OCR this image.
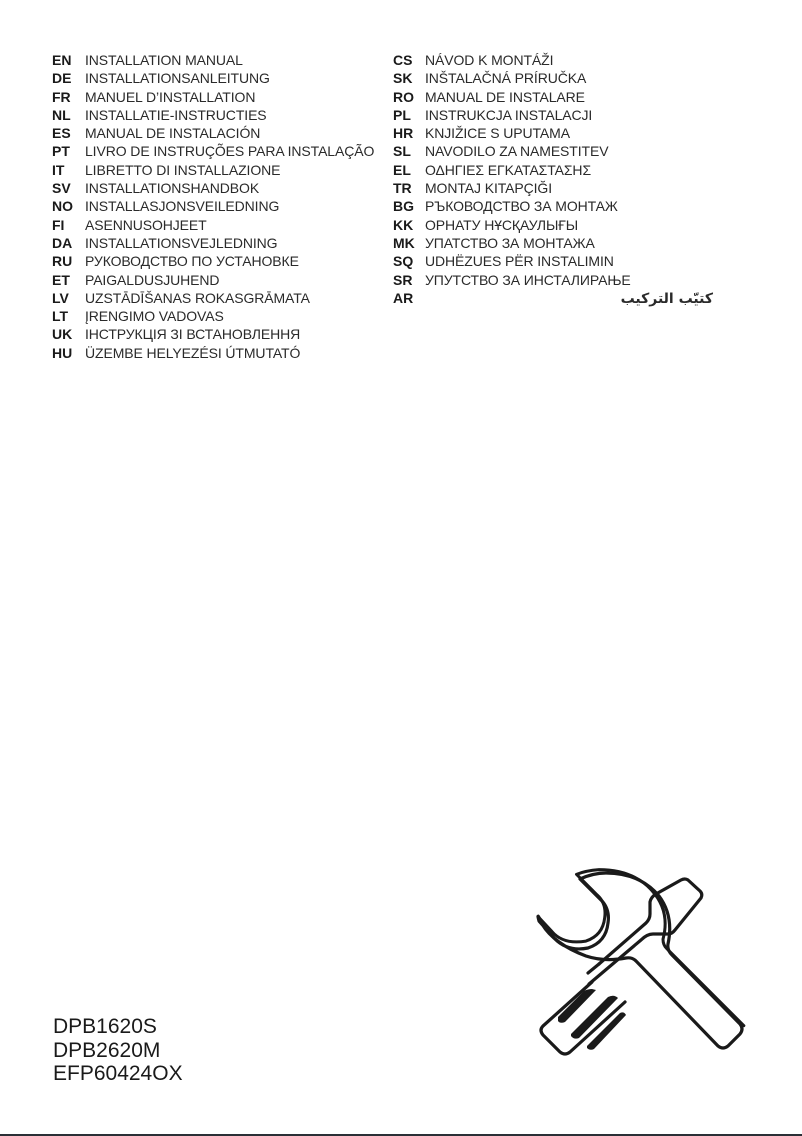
EN INSTALLATION MANUAL
DE INSTALLATIONSANLEITUNG
FR MANUEL D’INSTALLATION
NL INSTALLATIE-INSTRUCTIES
ES MANUAL DE INSTALACIÓN
PT LIVRO DE INSTRUÇÕES PARA INSTALAÇÃO
IT LIBRETTO DI INSTALLAZIONE
SV INSTALLATIONSHANDBOK
NO INSTALLASJONSVEILEDNING
FI ASENNUSOHJEET
DA INSTALLATIONSVEJLEDNING
RU РУКОВОДСТВО ПО УСТАНОВКЕ
ET PAIGALDUSJUHEND
LV UZSTĀDĪŠANAS ROKASGRĀMATA
LT ĮRENGIMO VADOVAS
UK ІНСТРУКЦІЯ ЗІ ВСТАНОВЛЕННЯ
HU ÜZEMBE HELYEZÉSI ÚTMUTATÓ
CS NÁVOD K MONTÁŽI
SK INŠTALAČNÁ PRÍRUČKA
RO MANUAL DE INSTALARE
PL INSTRUKCJA INSTALACJI
HR KNJIŽICE S UPUTAMA
SL NAVODILO ZA NAMESTITEV
EL ΟΔΗΓΙΕΣ ΕΓΚΑΤΑΣΤΑΣΗΣ
TR MONTAJ KITAPÇIĞI
BG РЪКОВОДСТВО ЗА МОНТАЖ
KK ОРНАТУ НҰСҚАУЛЫҒЫ
MK УПАТСТВО ЗА МОНТАЖА
SQ UDHËZUES PËR INSTALIMIN
SR УПУТСТВО ЗА ИНСТАЛИРАЊЕ
AR	كتيّب التركيب
DPB1620S
DPB2620M
EFP60424OX
